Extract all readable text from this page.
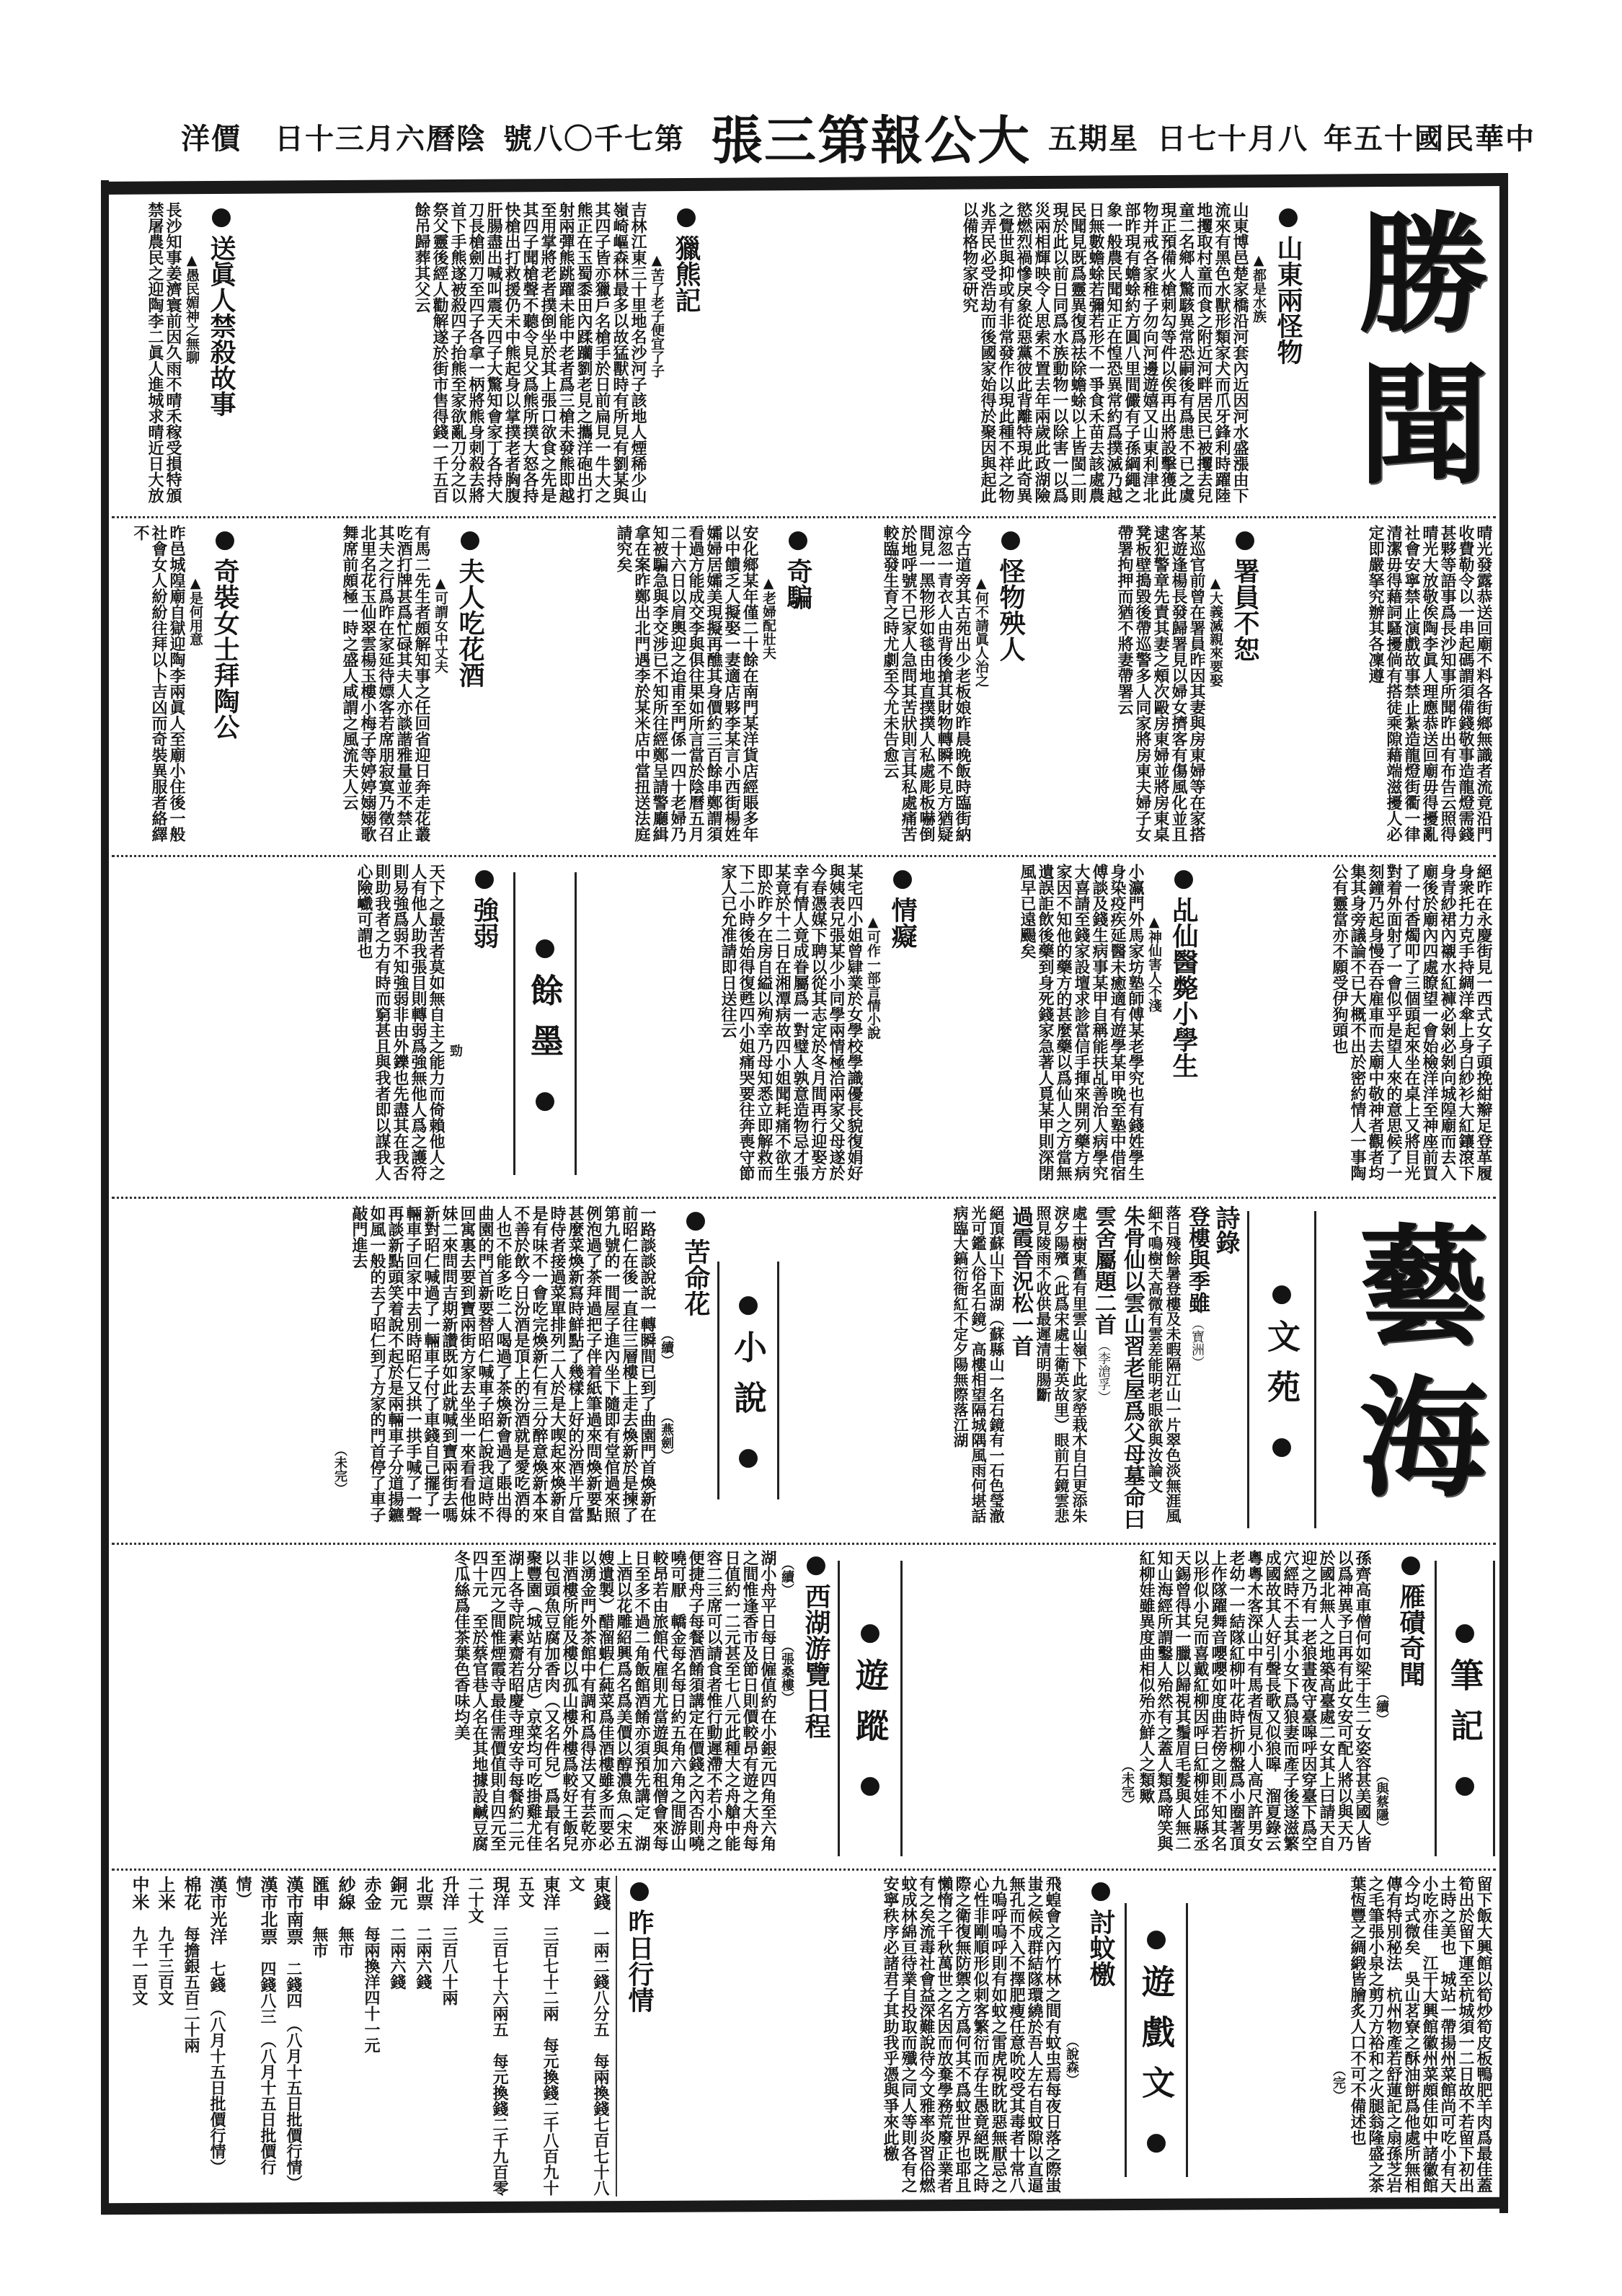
價洋 陰曆六月三十日 第七千〇八號 大公報第三張 星期五 八月十七日 中華民國十五年
勝聞
● 山東兩怪物
▲ 都是水族
山東博邑楚家橋沿河套內近因河水盛漲由下流來有黑色水獸形類家犬而爪牙鋒利時躍陸地攫取村童而食之附近河畔居民已被攫去兒童二名鄉人驚駭異常恐嗣後有爲患不已之虞現正預備火槍刺勾等件以俟再出將設擊獲此物并戒各家稚子勿向河邊遊嬉又山東利津北部昨現有蟾蜍約方圓八里間儼有子孫綱繩之象一般農民聞知正在惶恐異常約爲撲滅乃越日無數蟾蜍若彌若形不一爭食禾苗去該處農民聞見既爲靈異復爲祛除蟾蜍以上皆閩二則現於此以前日同爲水族動物一以除害一以爲災兩相輝映令人思索不置去年兩歲此政湖險慾燃烈禍慘戾象從惡黨彼此背離特現此奇異之覺世與抑或有非常發作以現此種不祥之物兆弄民必受浩劫而後國家始得於聚因與起此以備格物家研究
● 獵熊記
▲ 苦了老子便宜了子
吉林江東三十里地名沙河子該地人煙稀少山嶺崎嶇森林最多以故猛獸時有所見有劉某與其四子皆亦獵戶名槍手於日前扁見一牛大之熊正在玉蜀黍田內蹂躪劉老見之攜洋砲出打射兩彈熊跳躍未能中老者爲三槍未發熊即越至用掌將老者撲倒坐於其上張口欲食之先是其四子聞槍聲不聽令見父爲熊所撲大怒各持快槍出打救援仍未中熊起身以掌撲老者胸腹肝腸盡出喊叫震天四子大驚知會家丁各持大刀長槍劍刀至四子各拿一柄將熊身刺殺去將首下手熊遂被殺四子抬熊至家欲亂刀分之以祭父靈後經人勸解遂於街市售得錢一千五百餘吊歸葬其父云
● 送眞人禁殺故事
▲ 愚民媚神之無聊
長沙知事姜濟寰前因久雨不晴禾稼受損特頒禁屠農民之迎陶李二眞人進城求晴近日大放
晴光發露恭送回廟不料各街鄉無識者流竟沿門收費勒令以一串起碼謂須備錢敬事造龍燈需錢甚夥等語事爲長沙知事所聞昨出有布告云照得晴光大放敬俟陶李眞人理應恭送回廟毋得擾亂社會安寧禁止演戲故事禁止紮造龍燈街衢一律清潔毋得藉詞騷擾倘有搭徒乘隙藉端滋擾人必定即嚴拏究辦其各凜遵
● 署員不恕
▲ 大義滅親來要娶
某巡官前曾在署員昨因其妻與房東婦等在家搭客遊逢楊長發歸署見以婦女擠客有傷風化並且逮犯警章先責其妻之頰次毆房東婦並將房東桌凳板壁搗毀後帶巡警多人同家將房東夫婦子女帶署拘押而猶不將妻帶署云
● 怪物殃人
▲ 何不請眞人治之
今古道旁其古苑出少老板娘昨晨晚飯時臨街納涼忽一青衣人由背後搶其財物轉瞬不見方猶疑間見一黑物形如毯由地直撲撲人私處彫板嚇倒於地呼號不已家人急問其苦狀則言其私處痛苦較臨發生育之時尤劇至今尤未告愈云
● 奇騙
▲ 老婦配壯夫
安化鄉某年僅二十餘在南門某洋貨店經賬多年以中饋乏人擬娶一妻適店夥李某言小西街楊姓孀婦居孀美現擬再醮其身價約三百餘串鄭謂須看過方能成交李與俱往果如所言當於陰曆五月二十六日以肩輿迎之迨甫至門係一四十老婦乃知被騙急與李交涉已不知所往經鄭呈請警廳緝拿在案昨鄭出北門遇李於某米店中當扭送法庭請究矣
● 夫人吃花酒
▲ 可謂女中丈夫
有馬二先生者頗解知事之任回省迎日奔走花叢吃酒打牌甚爲忙碌其夫人亦談諧雅量並不禁止其夫之行爲昨在家延待嫖客若席朋寂寞乃徵召北里名花玉仙翠雲楊玉樓小梅子等婷婷嫋嫋歌舞席前頗極一時之盛人咸謂之風流夫人云
● 奇裝女士拜陶公
▲ 是何用意
昨邑城隍廟自獄迎陶李兩眞人至廟小住後一般社會女人紛紛往拜以卜吉凶而奇裝異服者絡繹不
絕昨在永慶街見一西式女子頭挽紺辮足登革履身衆托力克手持綢洋傘上身白紗衫大紅鑲滾下身青紗裙內襯水紅褲必剝必剝向城隍廟而去入廟後於廟內四處瞭望一會始檢洋洋至神座前買了一付香燭叩了三個頭起來坐在桌上又將目光對着外面射了一會似乎是望人來的意思候了一刻鐘乃起身慢吞吞雇車而去廟中敬神者觀者均集其身旁議論不已大概不出於密約情人一事陶公有靈當亦不願受伊狗頭也
● 乩仙醫斃小學生
▲ 神仙害人不淺
小瀛門外馬家坊塾師傅某老學究也有錢姓學生身染疫疾延醫未癒適有遊學某甲晚至塾中借宿傅談及錢生病事某甲自稱能扶乩善治人病學究大喜請至錢家設壇求診當信手揮來開列藥方病家因不知他的藥方的甚麼藥以爲仙人之方當無遺誤詎飲後藥到身死錢家急著人覓某甲則深閉風早已遠颺矣
● 情癡
▲ 可作一部言情小說
某宅四小姐曾肄業於女學校學識優長貌復娟好與姨表兄張某少小同學兩情極洽兩家父母遂於今春憑媒下聘以從其志定於冬月間再行迎娶方幸有情人竟成眷屬爲一對璧人孰意造物忌才張某竟於十二日在湘潭病故四小姐聞耗痛不欲生即於昨夕在房自縊以殉幸乃母知悉立即解救而下二小時後始得復甦四小姐痛哭要往奔喪守節家人已允准請即日送往云
●
餘墨
●
● 強弱
勁
天下之最苦者莫如無自主之能力而倚賴他人之人有他人助我張目則轉弱爲強無他人爲之護符則易強爲弱不知強弱非由外鑠也先盡其在我否則助我者之力有時而窮甚且與我者即以謀我人心險巇可謂也
藝海
●
文苑
●
詩錄
登樓與季雖 （寶洲）
落日殘餘暑登樓及未暇隔江山一片翠色淡無涯風細不鳴樹天高微有雲差能明老眼欲與汝論文
朱骨仙以雲山習老屋爲父母墓命曰雲舍屬題二首 （李滄孚）
處士樹東舊有里雲山嶺下此家塋栽木自白更添朱淚夕陽殯（此爲宋處士衛英故里）眼前石鏡雲悲照見陵雨不收供最遲清明腸斷
過霞晉況松一首
絕頂蘇山下面湖（蘇縣山一名石鏡有一石色瑩澈光可鑑人俗名石鏡）高樓相望隔城隅風雨何堪話病臨大鎬衍衙紅不定夕陽無際落江湖
●
小說
●
● 苦命花
（續）（燕劍）
一路談談說說一轉瞬間已到了曲園門首煥新在前昭仁在後一直往三層樓上走去煥新於是揀了第九號的一間屋子進內坐下隨即有堂倌過來照例泡過了茶拜過把子伴着紙筆過來問煥新要點甚麼菜煥新寫時鮮點了幾樣上好的汾酒半斤當時侍者接過菜單排列二人於是大喫起來煥新自是有味不一會吃完煥新仁有三分醉意煥新本來不善於飲今日汾酒是頂上的汾酒就是愛吃酒的人也不能多吃二人喝過了茶煥新會過了賬出得曲園的門首新要替昭仁喊車子昭仁說我這時不回寓裏去要到寶兩街方家去坐坐一來看看他妹妹二來問問吉期新讚既如此就喊到寶兩街去嗎新對昭仁喊過了一輛車子付了車錢自己擺了一輛車子回家中去別時昭仁又拱一拱手喊了一聲再談新點頭笑着說不起於是兩輛車子分道揚鑣如風一般的去了昭仁到了方家的門首停了車子敲門進去
（未完）
●
筆記
●
● 雁磧奇聞
（續）（與蔡隱）
孫齊高車僧何如梁于生二女姿容甚美國人皆以爲神異予曰再有此女安可配人將以與天乃於國北無人之地築高臺處二女其上曰請天自迎之乃有一老狼晝夜守臺嗥呼因穿臺下爲空穴經時不去其小女下爲狼妻而產子後遂滋繁成國故其人好引聲長歌又似狼嗥　溜夏錄云粵粵木客深山中有馬者恆見小人高尺許男女老幼一一結隊紅柳叶花時折柳盤爲小圈著頂上作隊躍舞音嚶嚶如度曲若傍之則不知其名以形似小兒而喜戴紅柳因呼曰紅柳娃邱縣丞天錫曾得其一臘以歸視其鬚眉毛髮與人無二知山海經所謂鑿人殆然有之蓋人類爲啼笑與紅柳娃雖異度曲相似殆亦鮮人之類歟
（未完）
●
遊蹤
●
● 西湖游覽日程
（續）（張桑樓）
湖小舟平日每日僱值約在小銀元四角至六角之間惟逢香市及節日則價較昂有遊之大舟每日值約一二元甚至七八元此種大之舟艙中能容二三席可以請食者惟行動遲滯不若小舟之便捷舟子每餐酒餚須講定在價錢之內否則嘵嘵可厭　轎金每名每日約五角六角之間游山較昂若由旅館代雇則尤當遊與加租僧會來每日至多不過二角飯館酒餚亦須預先講定　湖上酒以花雕紹興爲名爲美價以醇濃魚（宋五嫂遺製）醋溜蝦仁蒓菜爲佳酒樓雖多而要必以湧金門外茶館中有調和爲得法又有芸乾亦非酒樓所能及樓以孤山樓外樓爲較好王飯兒以包頭魚豆腐加香肉（又名件兒）爲最有名　聚豐園（城站有分店）京菜均可吃掛雞尤佳　湖上各寺院素齋若昭慶寺理安寺每餐約二元至四元之間惟煙霞寺最佳需價值則自四元至四十元　至於蔡官巷人名在其地據設鹹豆腐冬瓜絲爲佳茶葉色香味均美
留下飯大興館以筍炒筍皮板鴨肥羊肉爲最佳蓋筍出於留下運至杭城須一二日故不若留下初出土時之美也　城站一帶揚州菜館尚可吃小有天小吃亦佳　江干大興館徽州菜頗佳如中諸徽館今均式微矣　吳山茗寮之酥油餅爲他處所無相傳有特別秘法　杭州物產若舒蓮記之扇孫芝岩之毛筆張小泉之剪刀方裕和之火腿翁隆盛之茶葉恆豐之綢緞皆膾炙人口不可不備述也
（完）
●
遊戲文
●
● 討蚊檄
（說森）
飛蝗會之內竹林之間有蚊虫焉每夜日落之際蚩蚩之候成群結隊環繞於吾人左右自蚊隙以直逼無孔而不入不擇肥瘦任意吮咬受其毒者十常八九嗚呼嗚呼則有如蚊之雷虎視眈眈惡無厭忌之心性非剛順形似刺客繁衍而存生愚竟絕既之時際之衛復無防禦之方爲何其不爲蚊世界也耶且懶惰之千秋萬世之名因而放棄學務荒廢正業者有之矣流毒社會益深難說待今文雅率炎習俗燃蚊成林綿亘待業自投取而殲之同人等則各有之安寧秩序必諸君子其助我乎憑與爭來此檄
● 昨日行情
東錢　一兩二錢八分五　每兩換錢七百七十八文
東洋　三百七十二兩　每元換錢二千八百九十五文
現洋　三百七十六兩五　每元換錢二千九百零二十文
升洋　三百八十兩
北票　二兩六錢
銅元　二兩六錢
赤金　每兩換洋四十一元
紗線　無市
匯申　無市
漢市南票　二錢四　（八月十五日批價行情）
漢市北票　四錢八三　（八月十五日批價行情）
漢市光洋　七錢　（八月十五日批價行情）
棉花　每擔銀五百二十兩
上米　九千三百文
中米　九千一百文
